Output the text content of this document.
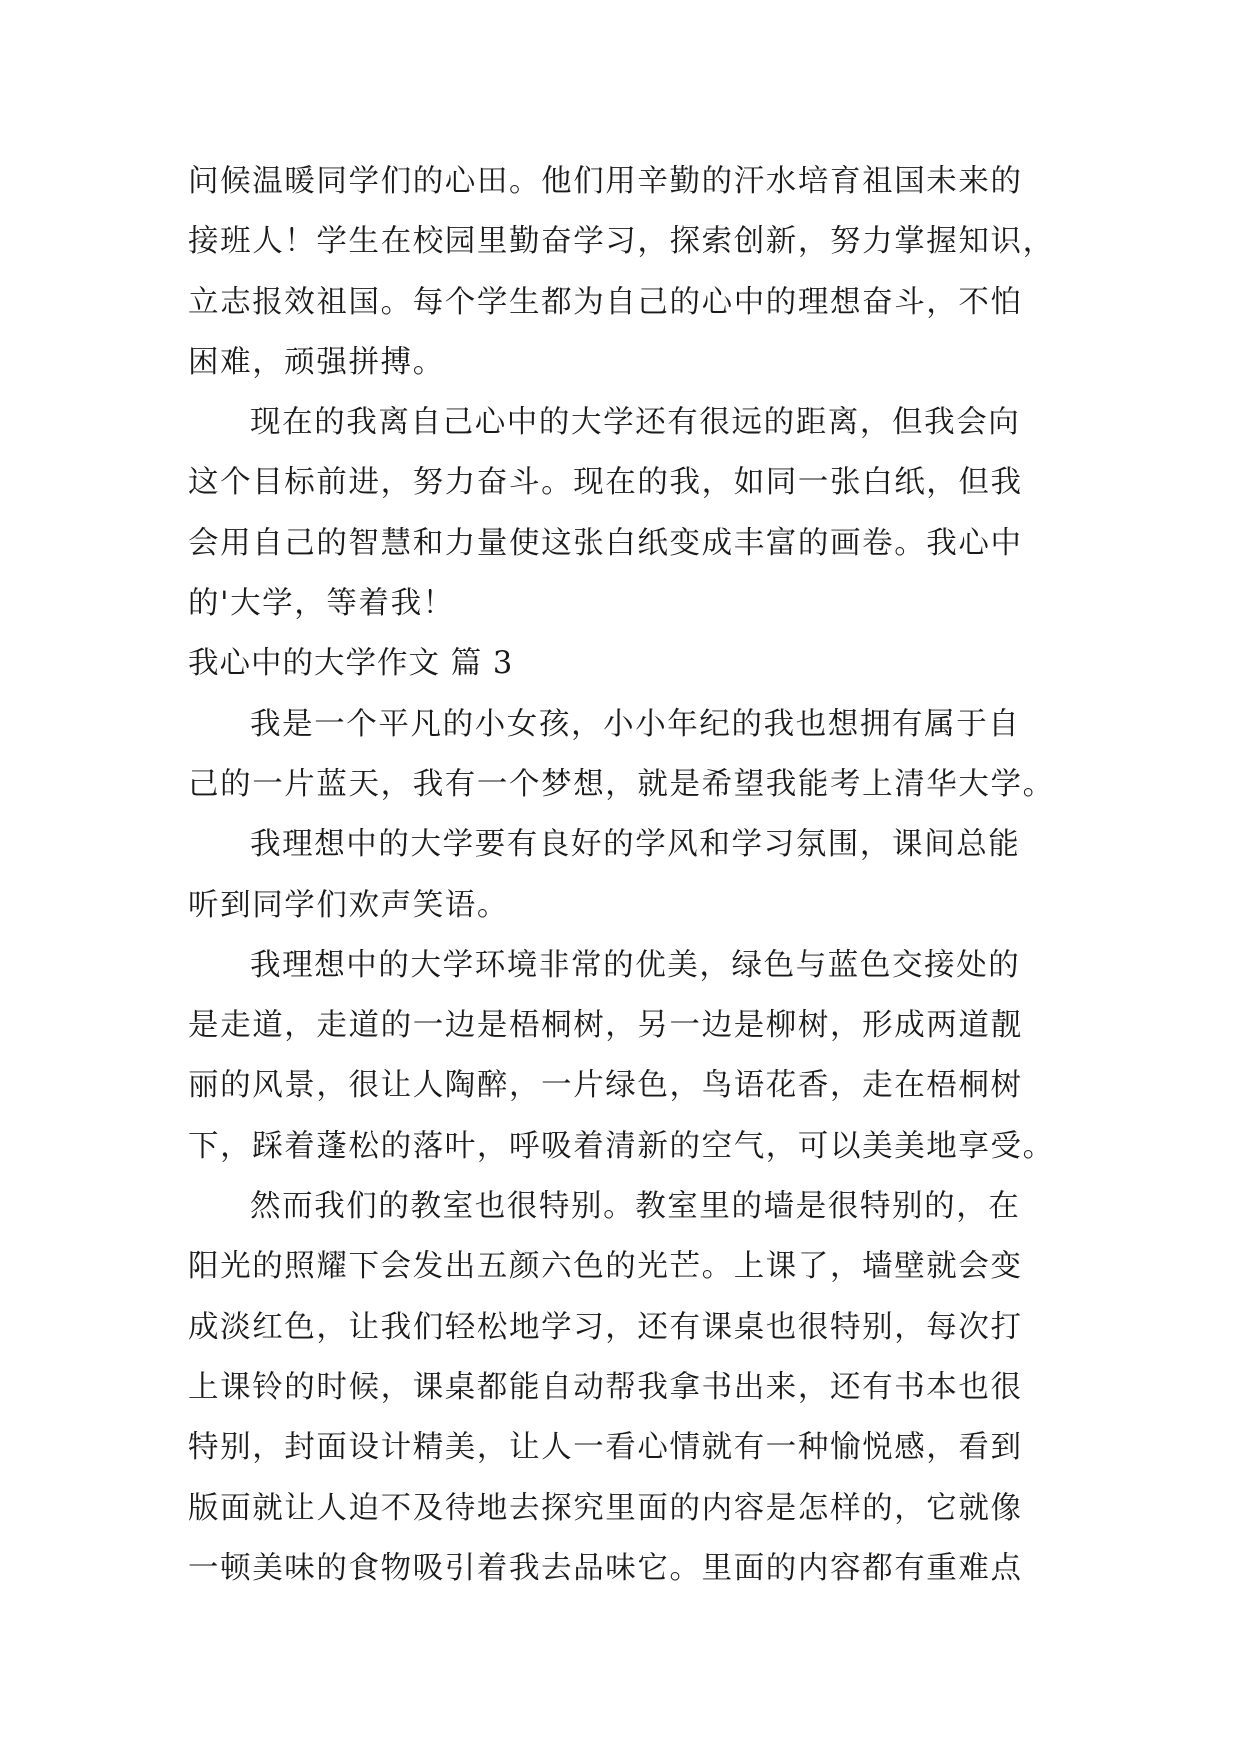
问候温暖同学们的心田。他们用辛勤的汗水培育祖国未来的
接班人！学生在校园里勤奋学习，探索创新，努力掌握知识，
立志报效祖国。每个学生都为自己的心中的理想奋斗，不怕
困难，顽强拼搏。
现在的我离自己心中的大学还有很远的距离，但我会向
这个目标前进，努力奋斗。现在的我，如同一张白纸，但我
会用自己的智慧和力量使这张白纸变成丰富的画卷。我心中
的'大学，等着我！
我心中的大学作文 篇 3
我是一个平凡的小女孩，小小年纪的我也想拥有属于自
己的一片蓝天，我有一个梦想，就是希望我能考上清华大学。
我理想中的大学要有良好的学风和学习氛围，课间总能
听到同学们欢声笑语。
我理想中的大学环境非常的优美，绿色与蓝色交接处的
是走道，走道的一边是梧桐树，另一边是柳树，形成两道靓
丽的风景，很让人陶醉，一片绿色，鸟语花香，走在梧桐树
下，踩着蓬松的落叶，呼吸着清新的空气，可以美美地享受。
然而我们的教室也很特别。教室里的墙是很特别的，在
阳光的照耀下会发出五颜六色的光芒。上课了，墙壁就会变
成淡红色，让我们轻松地学习，还有课桌也很特别，每次打
上课铃的时候，课桌都能自动帮我拿书出来，还有书本也很
特别，封面设计精美，让人一看心情就有一种愉悦感，看到
版面就让人迫不及待地去探究里面的内容是怎样的，它就像
一顿美味的食物吸引着我去品味它。里面的内容都有重难点
